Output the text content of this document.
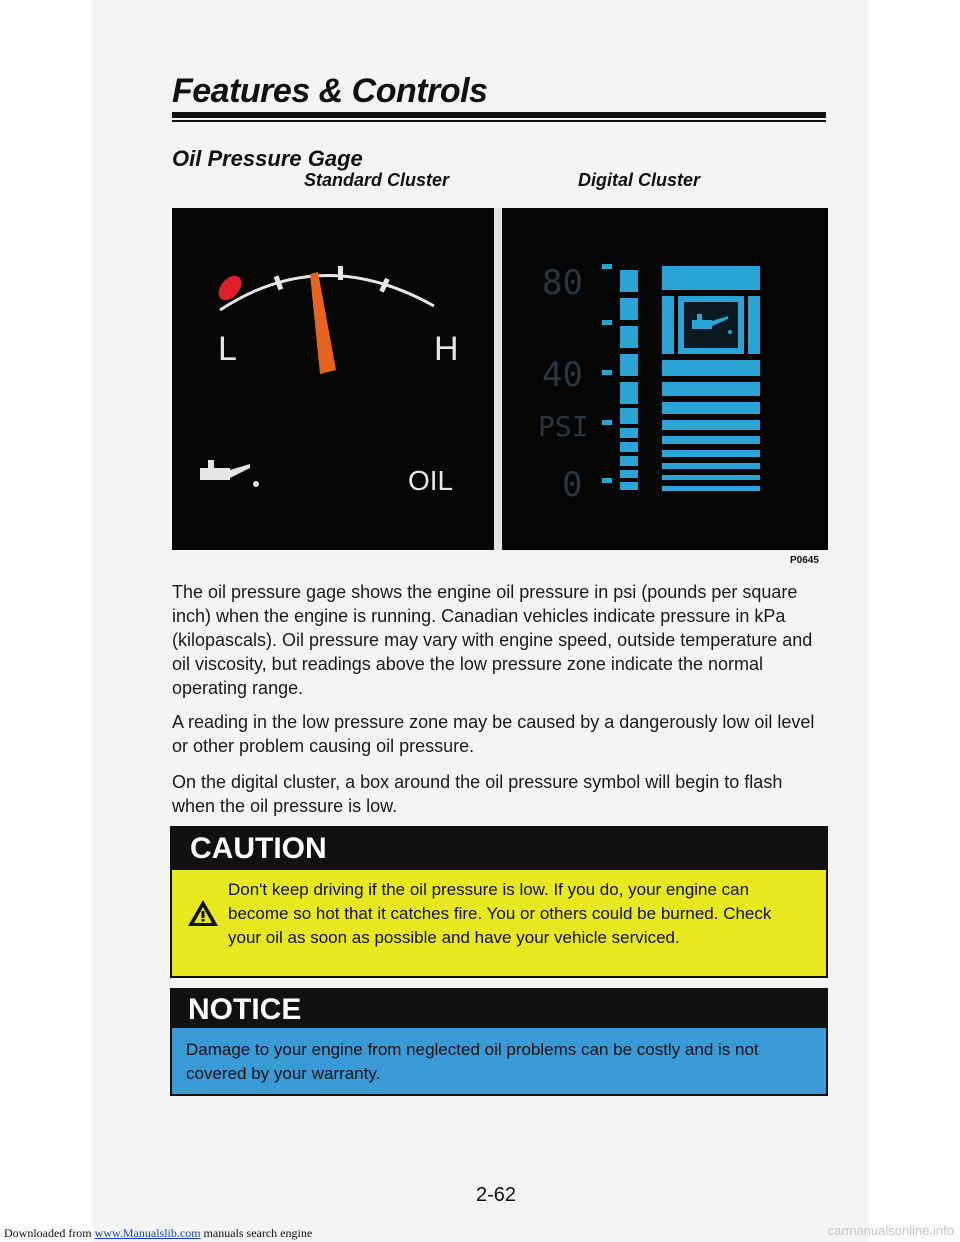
Features & Controls
Oil Pressure Gage
Standard Cluster	Digital Cluster
L	H
OIL
80
40
PSI
0
P0645

The oil pressure gage shows the engine oil pressure in psi (pounds per square inch) when the engine is running. Canadian vehicles indicate pressure in kPa (kilopascals). Oil pressure may vary with engine speed, outside temperature and oil viscosity, but readings above the low pressure zone indicate the normal operating range.

A reading in the low pressure zone may be caused by a dangerously low oil level or other problem causing oil pressure.

On the digital cluster, a box around the oil pressure symbol will begin to flash when the oil pressure is low.

CAUTION

Don't keep driving if the oil pressure is low. If you do, your engine can become so hot that it catches fire. You or others could be burned. Check your oil as soon as possible and have your vehicle serviced.

NOTICE

Damage to your engine from neglected oil problems can be costly and is not covered by your warranty.

2-62
Downloaded from www.Manualslib.com manuals search engine	carmanualsonline.info
